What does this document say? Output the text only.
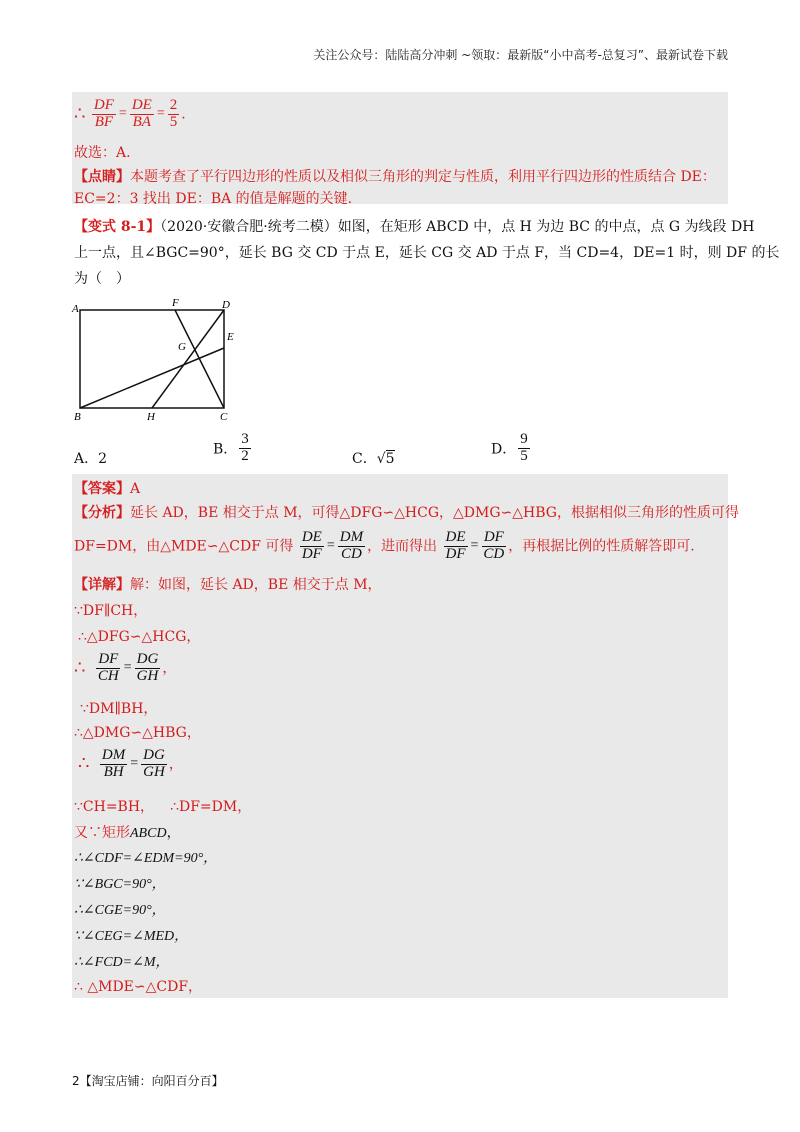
关注公众号：陆陆高分冲刺 ~领取：最新版“小中高考-总复习”、最新试卷下载
∴ $\frac{DF}{BF} = \frac{DE}{BA} = \frac{2}{5}$ .
故选：A.
【点睛】本题考查了平行四边形的性质以及相似三角形的判定与性质，利用平行四边形的性质结合 DE：
EC=2：3 找出 DE：BA 的值是解题的关键.
【变式 8-1】（2020·安徽合肥·统考二模）如图，在矩形 ABCD 中，点 H 为边 BC 的中点，点 G 为线段 DH
上一点，且∠BGC=90°，延长 BG 交 CD 于点 E，延长 CG 交 AD 于点 F，当 CD=4，DE=1 时，则 DF 的长
为（　）
A	F	D
E
G
B	H	C
A．2
B． $\frac{3}{2}$	C．√5
D． $\frac{9}{5}$
【答案】A
【分析】延长 AD，BE 相交于点 M，可得△DFG∽△HCG，△DMG∽△HBG，根据相似三角形的性质可得
DF=DM，由△MDE∽△CDF 可得 $\frac{DE}{DF} = \frac{DM}{CD}$ ，进而得出 $\frac{DE}{DF} = \frac{DF}{CD}$ ，再根据比例的性质解答即可.
【详解】解：如图，延长 AD，BE 相交于点 M，
∵DF∥CH，
∴△DFG∽△HCG，
∴ $\frac{DF}{CH} = \frac{DG}{GH}$ ，
∵DM∥BH，
∴△DMG∽△HBG，
∴ $\frac{DM}{BH} = \frac{DG}{GH}$ ，
∵CH=BH， ∴DF=DM，
又∵矩形ABCD，
∴∠CDF=∠EDM=90°，
∵∠BGC=90°，
∴∠CGE=90°，
∵∠CEG=∠MED，
∴∠FCD=∠M，
∴ △MDE∽△CDF，
2【淘宝店铺：向阳百分百】
